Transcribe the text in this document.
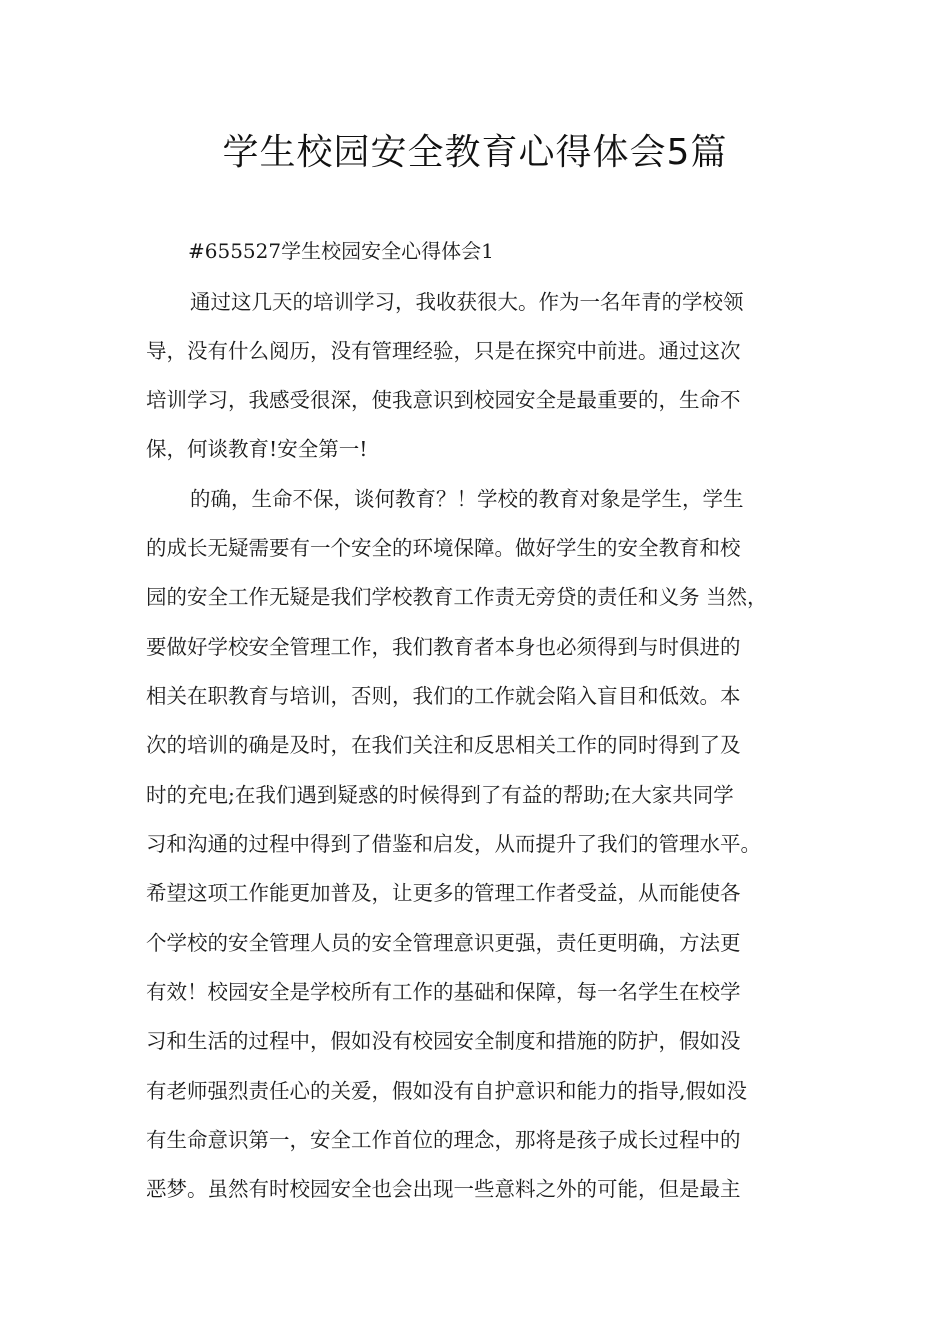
学生校园安全教育心得体会5篇

#655527学生校园安全心得体会1

通过这几天的培训学习，我收获很大。作为一名年青的学校领

导，没有什么阅历，没有管理经验，只是在探究中前进。通过这次

培训学习，我感受很深，使我意识到校园安全是最重要的，生命不

保，何谈教育!安全第一!

的确，生命不保，谈何教育？！学校的教育对象是学生，学生

的成长无疑需要有一个安全的环境保障。做好学生的安全教育和校

园的安全工作无疑是我们学校教育工作责无旁贷的责任和义务 当然，

要做好学校安全管理工作，我们教育者本身也必须得到与时俱进的

相关在职教育与培训，否则，我们的工作就会陷入盲目和低效。本

次的培训的确是及时，在我们关注和反思相关工作的同时得到了及

时的充电;在我们遇到疑惑的时候得到了有益的帮助;在大家共同学

习和沟通的过程中得到了借鉴和启发，从而提升了我们的管理水平。

希望这项工作能更加普及，让更多的管理工作者受益，从而能使各

个学校的安全管理人员的安全管理意识更强，责任更明确，方法更

有效！校园安全是学校所有工作的基础和保障，每一名学生在校学

习和生活的过程中，假如没有校园安全制度和措施的防护，假如没

有老师强烈责任心的关爱，假如没有自护意识和能力的指导,假如没

有生命意识第一，安全工作首位的理念，那将是孩子成长过程中的

恶梦。虽然有时校园安全也会出现一些意料之外的可能，但是最主
